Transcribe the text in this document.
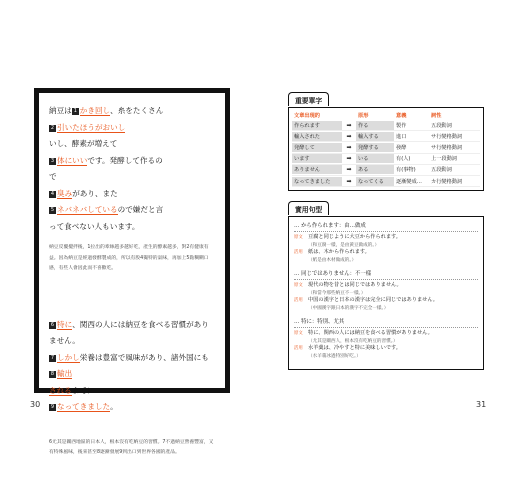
納豆は 1 かき回し、糸をたくさん
2 引いたほうがおいし
いし、酵素が増えて
3 体にいいです。発酵して作るの
で
4 臭みがあり、また
5 ネバネバしているので嫌だと言
って食べない人もいます。
納豆反覆攪拌後，1拉出的牽絲越多越好吃，產生的酵素越多，對2有健康有益。因為納豆是經過發酵製成的，所以有股4獨特的氣味，再加上5黏糊糊口感，有些人會因此而不喜歡吃。
6 特に、関西の人には納豆を食べる習慣がありません。
7 しかし栄養は豊富で風味があり、諸外国にも
8 輸出
されるまでに
9 なってきました。
6尤其是關西地區的日本人，根本沒有吃納豆的習慣。7不過納豆營養豐富，又有特殊風味，後來甚至8逐漸發展9到出口到世界各國的產品。
30
重要單字
文章出現的	原形	意義	詞性
作られます	➡	作る	製作	五段動詞
輸入された	➡	輸入する	進口	サ行變格動詞
発酵して	➡	発酵する	發酵	サ行變格動詞
います	➡	いる	有(人)	上一段動詞
ありません	➡	ある	有(事物)	五段動詞
なってきました	➡	なってくる	逐漸變成…	カ行變格動詞
實用句型
… から作られます：由…做成
原文	豆腐と同じように大豆から作られます。
（和豆腐一樣，是由黃豆做成的。）
活用	紙は、木から作られます。
（紙是由木材做成的。）
… 同じではありません：不一樣
原文	現代の物を昔とは同じではありません。
（和當今那些納豆不一樣。）
活用	中国の漢字と日本の漢字は完全に同じではありません。
（中國漢字跟日本的漢字不完全一樣。）
… 特に：特別、尤其
原文	特に、関西の人には納豆を食べる習慣がありません。
（尤其是關西人，根本沒有吃納豆的習慣。）
活用	水羊羹は、冷やすと特に美味しいです。
（水羊羹冰過特別好吃。）
31
